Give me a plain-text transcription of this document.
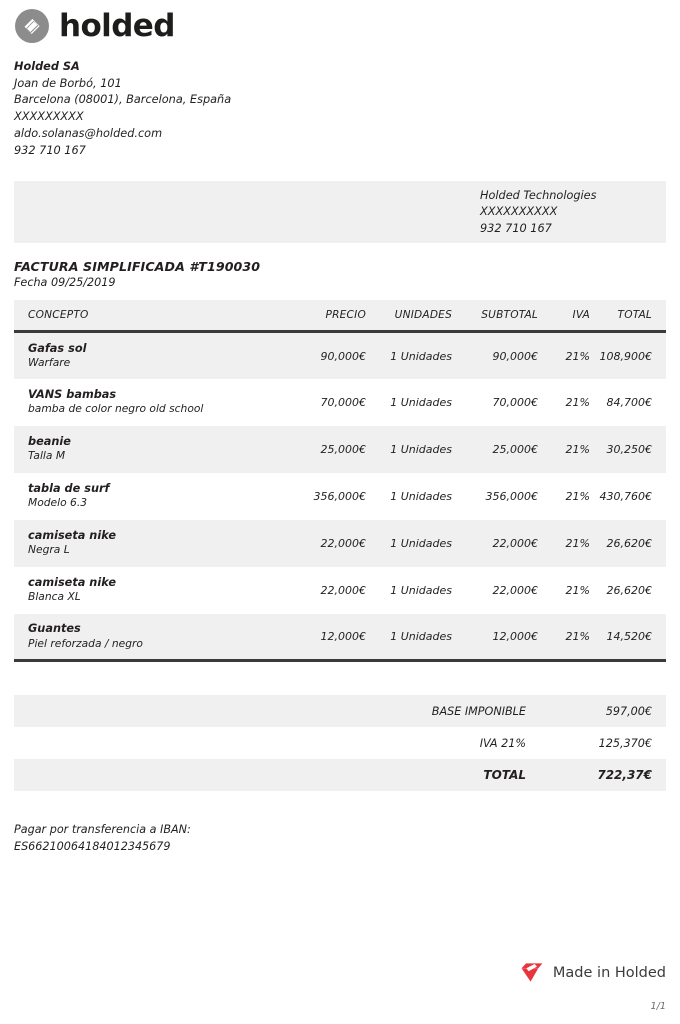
holded
Holded SA
Joan de Borbó, 101
Barcelona (08001), Barcelona, España
XXXXXXXXX
aldo.solanas@holded.com
932 710 167
Holded Technologies
XXXXXXXXXX
932 710 167
FACTURA SIMPLIFICADA #T190030
Fecha 09/25/2019
CONCEPTO	PRECIO	UNIDADES	SUBTOTAL	IVA	TOTAL

Gafas sol
Warfare	90,000€	1 Unidades	90,000€	21%	108,900€

VANS bambas
bamba de color negro old school	70,000€	1 Unidades	70,000€	21%	84,700€

beanie
Talla M	25,000€	1 Unidades	25,000€	21%	30,250€

tabla de surf
Modelo 6.3	356,000€	1 Unidades	356,000€	21%	430,760€

camiseta nike
Negra L	22,000€	1 Unidades	22,000€	21%	26,620€

camiseta nike
Blanca XL	22,000€	1 Unidades	22,000€	21%	26,620€

Guantes
Piel reforzada / negro	12,000€	1 Unidades	12,000€	21%	14,520€
BASE IMPONIBLE	597,00€
IVA 21%	125,370€
TOTAL	722,37€
Pagar por transferencia a IBAN:
ES66210064184012345679
Made in Holded
1/1
